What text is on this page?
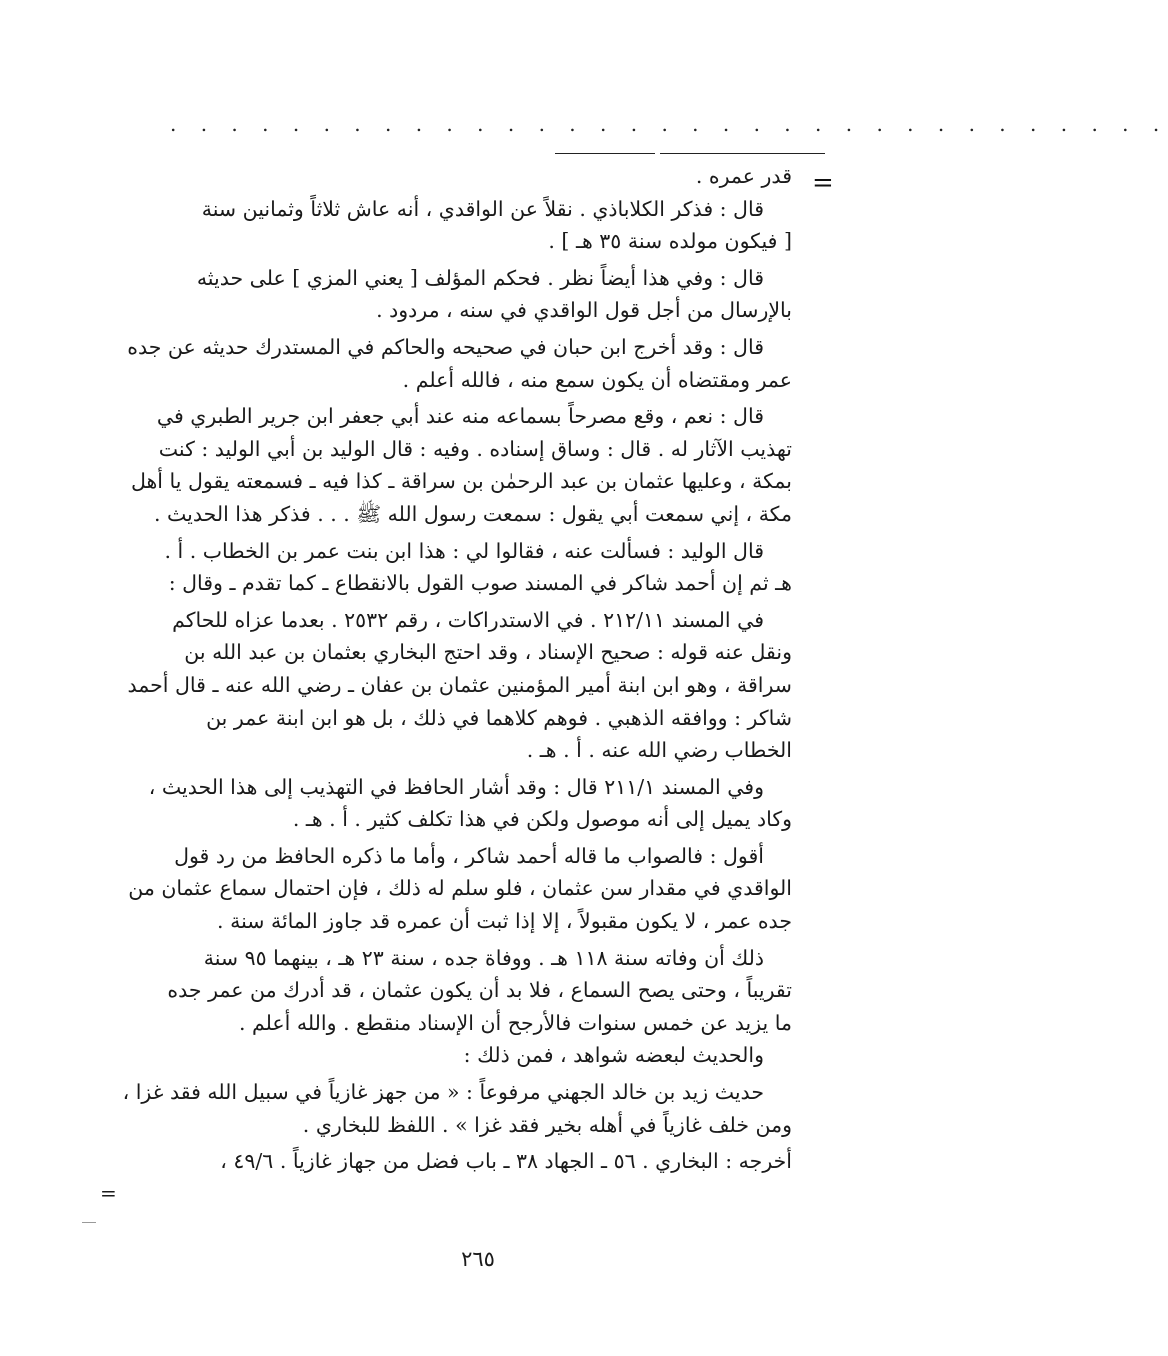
. . . . . . . . . . . . . . . . . . . . . . . . . . . . . . . . .
=
قدر عمره .
قال : فذكر الكلاباذي . نقلاً عن الواقدي ، أنه عاش ثلاثاً وثمانين سنة
[ فيكون مولده سنة ٣٥ هـ ] .
قال : وفي هذا أيضاً نظر . فحكم المؤلف [ يعني المزي ] على حديثه
بالإرسال من أجل قول الواقدي في سنه ، مردود .
قال : وقد أخرج ابن حبان في صحيحه والحاكم في المستدرك حديثه عن جده
عمر ومقتضاه أن يكون سمع منه ، فالله أعلم .
قال : نعم ، وقع مصرحاً بسماعه منه عند أبي جعفر ابن جرير الطبري في
تهذيب الآثار له . قال : وساق إسناده . وفيه : قال الوليد بن أبي الوليد : كنت
بمكة ، وعليها عثمان بن عبد الرحمٰن بن سراقة ـ كذا فيه ـ فسمعته يقول يا أهل
مكة ، إني سمعت أبي يقول : سمعت رسول الله ﷺ . . . فذكر هذا الحديث .
قال الوليد : فسألت عنه ، فقالوا لي : هذا ابن بنت عمر بن الخطاب . أ .
هـ ثم إن أحمد شاكر في المسند صوب القول بالانقطاع ـ كما تقدم ـ وقال :
في المسند ٢١٢/١١ . في الاستدراكات ، رقم ٢٥٣٢ . بعدما عزاه للحاكم
ونقل عنه قوله : صحيح الإسناد ، وقد احتج البخاري بعثمان بن عبد الله بن
سراقة ، وهو ابن ابنة أمير المؤمنين عثمان بن عفان ـ رضي الله عنه ـ قال أحمد
شاكر : ووافقه الذهبي . فوهم كلاهما في ذلك ، بل هو ابن ابنة عمر بن
الخطاب رضي الله عنه . أ . هـ .
وفي المسند ٢١١/١ قال : وقد أشار الحافظ في التهذيب إلى هذا الحديث ،
وكاد يميل إلى أنه موصول ولكن في هذا تكلف كثير . أ . هـ .
أقول : فالصواب ما قاله أحمد شاكر ، وأما ما ذكره الحافظ من رد قول
الواقدي في مقدار سن عثمان ، فلو سلم له ذلك ، فإن احتمال سماع عثمان من
جده عمر ، لا يكون مقبولاً ، إلا إذا ثبت أن عمره قد جاوز المائة سنة .
ذلك أن وفاته سنة ١١٨ هـ . ووفاة جده ، سنة ٢٣ هـ ، بينهما ٩٥ سنة
تقريباً ، وحتى يصح السماع ، فلا بد أن يكون عثمان ، قد أدرك من عمر جده
ما يزيد عن خمس سنوات فالأرجح أن الإسناد منقطع . والله أعلم .
والحديث لبعضه شواهد ، فمن ذلك :
حديث زيد بن خالد الجهني مرفوعاً : « من جهز غازياً في سبيل الله فقد غزا ،
ومن خلف غازياً في أهله بخير فقد غزا » . اللفظ للبخاري .
أخرجه : البخاري . ٥٦ ـ الجهاد ٣٨ ـ باب فضل من جهاز غازياً . ٤٩/٦ ،
=
٢٦٥
